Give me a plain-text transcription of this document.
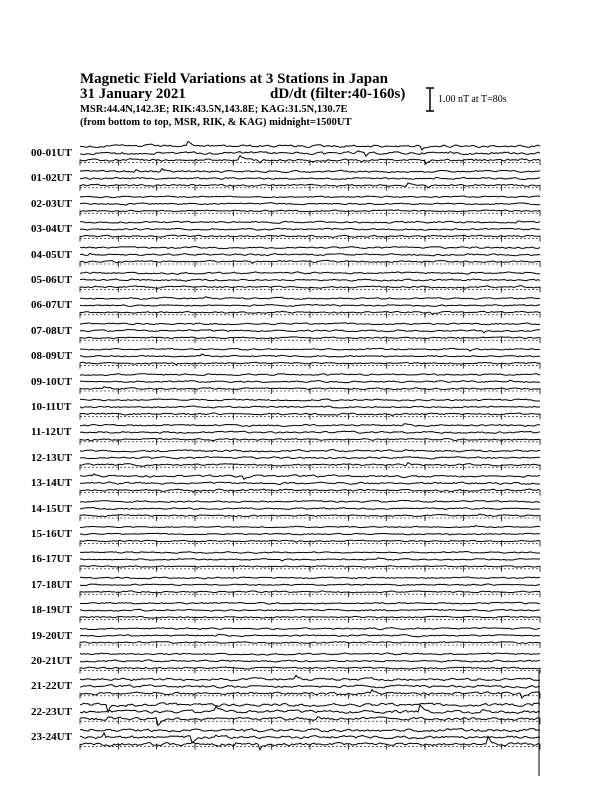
Magnetic Field Variations at 3 Stations in Japan
31 January 2021	dD/dt (filter:40-160s)
MSR:44.4N,142.3E; RIK:43.5N,143.8E; KAG:31.5N,130.7E
(from bottom to top, MSR, RIK, & KAG) midnight=1500UT
1.00 nT at T=80s
00-01UT
01-02UT
02-03UT
03-04UT
04-05UT
05-06UT
06-07UT
07-08UT
08-09UT
09-10UT
10-11UT
11-12UT
12-13UT
13-14UT
14-15UT
15-16UT
16-17UT
17-18UT
18-19UT
19-20UT
20-21UT
21-22UT
22-23UT
23-24UT
